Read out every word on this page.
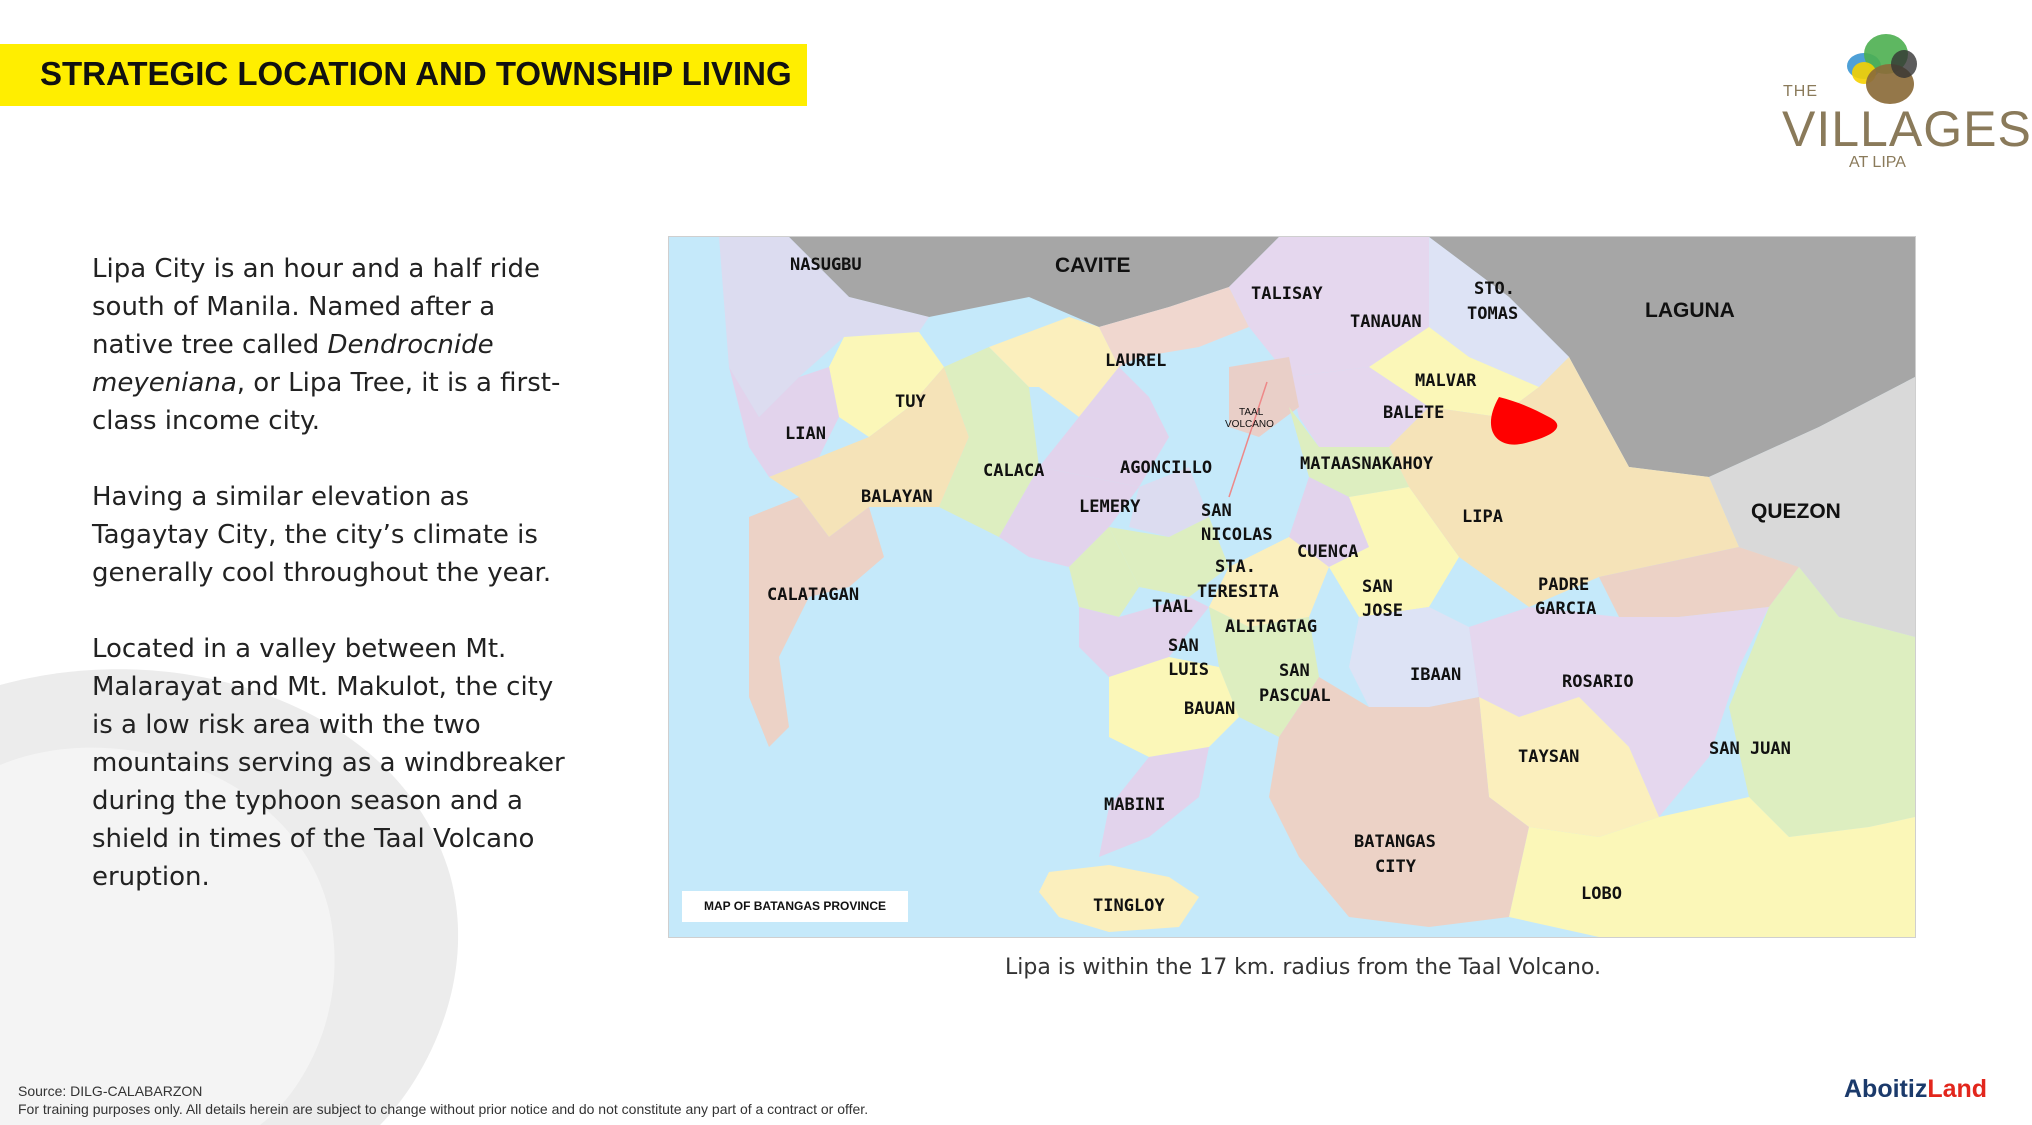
STRATEGIC LOCATION AND TOWNSHIP LIVING	THE
VILLAGES
AT LIPA

Lipa City is an hour and a half ride south of Manila. Named after a native tree called Dendrocnide meyeniana, or Lipa Tree, it is a first-class income city.

Having a similar elevation as Tagaytay City, the city’s climate is generally cool throughout the year.

Located in a valley between Mt. Malarayat and Mt. Makulot, the city is a low risk area with the two mountains serving as a windbreaker during the typhoon season and a shield in times of the Taal Volcano eruption.

CAVITE
LAGUNA
QUEZON
NASUGBU
TALISAY
TANAUAN
STO.
TOMAS
LAUREL
MALVAR
TUY
BALETE
LIAN
TAAL
VOLCANO
CALACA	AGONCILLO	MATAASNAKAHOY
BALAYAN	LEMERY	SAN
NICOLAS
LIPA
CUENCA
STA.
TERESITA	PADRE
GARCIA
CALATAGAN
TAAL
SAN
JOSE
ALITAGTAG
SAN
LUIS	SAN
PASCUAL
IBAAN	ROSARIO
BAUAN
SAN JUAN
TAYSAN
MABINI
BATANGAS
CITY
LOBO
TINGLOY
MAP OF BATANGAS PROVINCE
Lipa is within the 17 km. radius from the Taal Volcano.
Source: DILG-CALABARZON
For training purposes only. All details herein are subject to change without prior notice and do not constitute any part of a contract or offer.
AboitizLand
